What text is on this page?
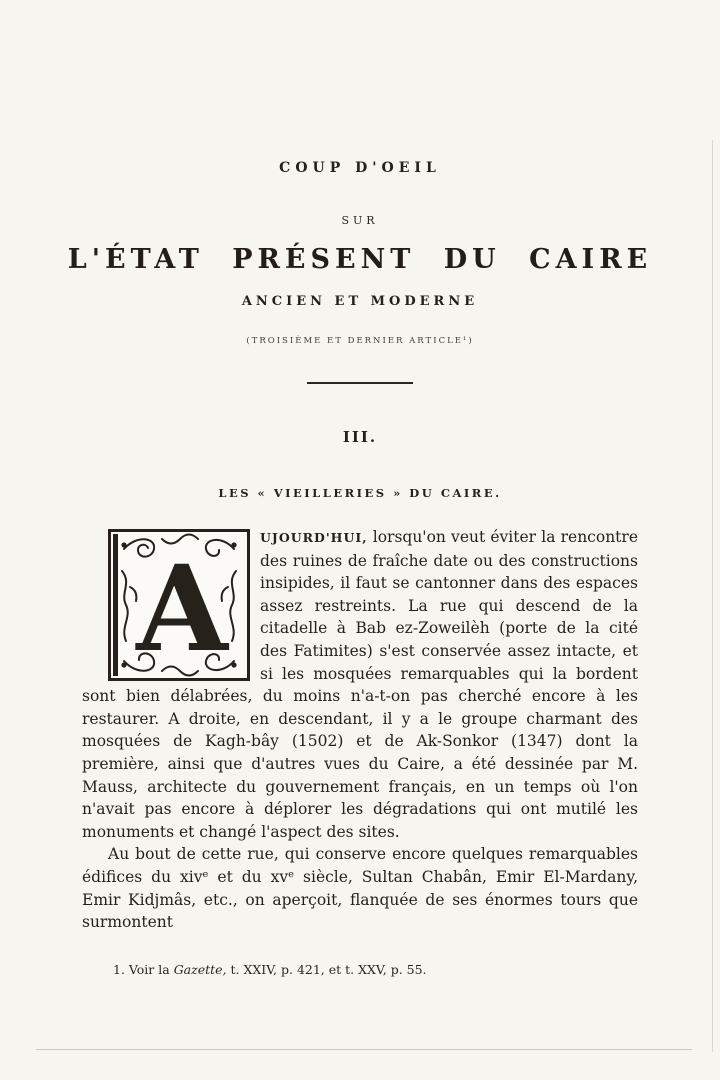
COUP D'OEIL
SUR
L'ÉTAT PRÉSENT DU CAIRE
ANCIEN ET MODERNE
(TROISIÈME ET DERNIER ARTICLE¹)
III.
LES « VIEILLERIES » DU CAIRE.

A
UJOURD'HUI, lorsqu'on veut éviter la rencontre des ruines de fraîche date ou des constructions insipides, il faut se cantonner dans des espaces assez restreints. La rue qui descend de la citadelle à Bab ez-Zoweilèh (porte de la cité des Fatimites) s'est conservée assez intacte, et si les mosquées remarquables qui la bordent sont bien délabrées, du moins n'a-t-on pas cherché encore à les restaurer. A droite, en descendant, il y a le groupe charmant des mosquées de Kagh-bây (1502) et de Ak-Sonkor (1347) dont la première, ainsi que d'autres vues du Caire, a été dessinée par M. Mauss, architecte du gouvernement français, en un temps où l'on n'avait pas encore à déplorer les dégradations qui ont mutilé les monuments et changé l'aspect des sites.

Au bout de cette rue, qui conserve encore quelques remarquables édifices du xivᵉ et du xvᵉ siècle, Sultan Chabân, Emir El-Mardany, Emir Kidjmâs, etc., on aperçoit, flanquée de ses énormes tours que surmontent

1. Voir la Gazette, t. XXIV, p. 421, et t. XXV, p. 55.
